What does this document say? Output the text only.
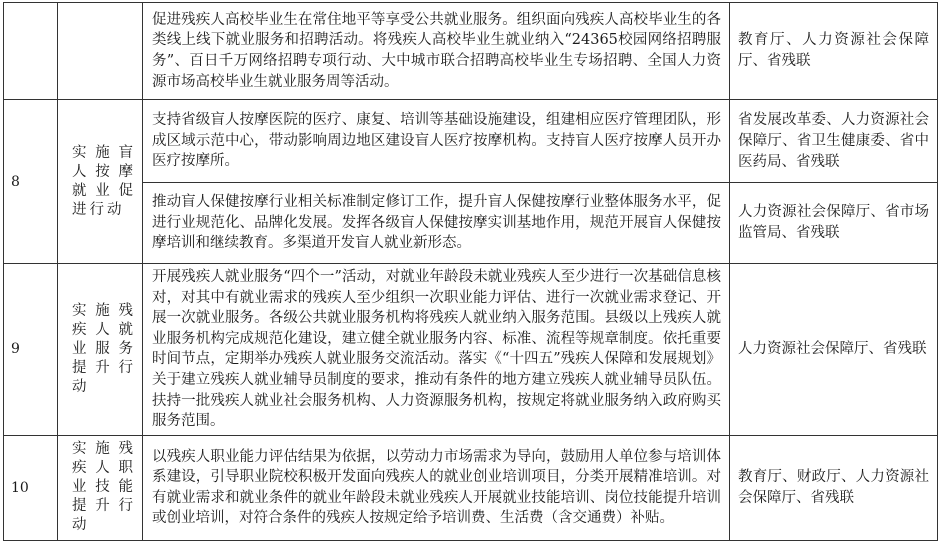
		促进残疾人高校毕业生在常住地平等享受公共就业服务。组织面向残疾人高校毕业生的各类线上线下就业服务和招聘活动。将残疾人高校毕业生就业纳入“24365校园网络招聘服务”、百日千万网络招聘专项行动、大中城市联合招聘高校毕业生专场招聘、全国人力资源市场高校毕业生就业服务周等活动。	教育厅、人力资源社会保障厅、省残联

8	实施盲人按摩就业促进行动	支持省级盲人按摩医院的医疗、康复、培训等基础设施建设，组建相应医疗管理团队，形成区域示范中心，带动影响周边地区建设盲人医疗按摩机构。支持盲人医疗按摩人员开办医疗按摩所。	省发展改革委、人力资源社会保障厅、省卫生健康委、省中医药局、省残联

		推动盲人保健按摩行业相关标准制定修订工作，提升盲人保健按摩行业整体服务水平，促进行业规范化、品牌化发展。发挥各级盲人保健按摩实训基地作用，规范开展盲人保健按摩培训和继续教育。多渠道开发盲人就业新形态。	人力资源社会保障厅、省市场监管局、省残联

9	实施残疾人就业服务提升行动	开展残疾人就业服务“四个一”活动，对就业年龄段未就业残疾人至少进行一次基础信息核对，对其中有就业需求的残疾人至少组织一次职业能力评估、进行一次就业需求登记、开展一次就业服务。各级公共就业服务机构将残疾人就业纳入服务范围。县级以上残疾人就业服务机构完成规范化建设，建立健全就业服务内容、标准、流程等规章制度。依托重要时间节点，定期举办残疾人就业服务交流活动。落实《“十四五”残疾人保障和发展规划》关于建立残疾人就业辅导员制度的要求，推动有条件的地方建立残疾人就业辅导员队伍。扶持一批残疾人就业社会服务机构、人力资源服务机构，按规定将就业服务纳入政府购买服务范围。	人力资源社会保障厅、省残联

10	实施残疾人职业技能提升行动	以残疾人职业能力评估结果为依据，以劳动力市场需求为导向，鼓励用人单位参与培训体系建设，引导职业院校积极开发面向残疾人的就业创业培训项目，分类开展精准培训。对有就业需求和就业条件的就业年龄段未就业残疾人开展就业技能培训、岗位技能提升培训或创业培训，对符合条件的残疾人按规定给予培训费、生活费（含交通费）补贴。	教育厅、财政厅、人力资源社会保障厅、省残联
